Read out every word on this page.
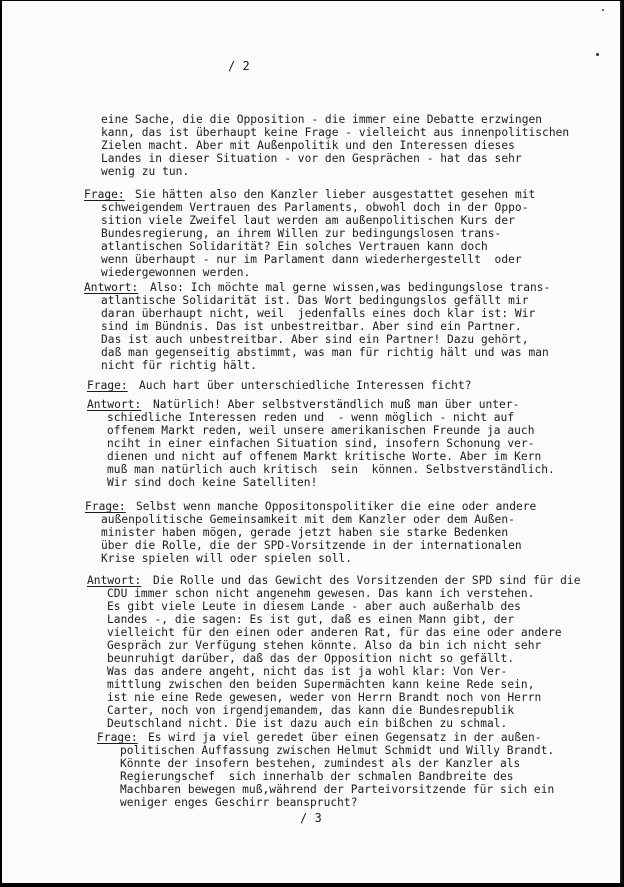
/ 2
eine Sache, die die Opposition - die immer eine Debatte erzwingen
kann, das ist überhaupt keine Frage - vielleicht aus innenpolitischen
Zielen macht. Aber mit Außenpolitik und den Interessen dieses
Landes in dieser Situation - vor den Gesprächen - hat das sehr
wenig zu tun.
Frage: Sie hätten also den Kanzler lieber ausgestattet gesehen mit
schweigendem Vertrauen des Parlaments, obwohl doch in der Oppo-
sition viele Zweifel laut werden am außenpolitischen Kurs der
Bundesregierung, an ihrem Willen zur bedingungslosen trans-
atlantischen Solidarität? Ein solches Vertrauen kann doch
wenn überhaupt - nur im Parlament dann wiederhergestellt  oder
wiedergewonnen werden.
Antwort: Also: Ich möchte mal gerne wissen,was bedingungslose trans-
atlantische Solidarität ist. Das Wort bedingungslos gefällt mir
daran überhaupt nicht, weil  jedenfalls eines doch klar ist: Wir
sind im Bündnis. Das ist unbestreitbar. Aber sind ein Partner.
Das ist auch unbestreitbar. Aber sind ein Partner! Dazu gehört,
daß man gegenseitig abstimmt, was man für richtig hält und was man
nicht für richtig hält.
Frage: Auch hart über unterschiedliche Interessen ficht?
Antwort: Natürlich! Aber selbstverständlich muß man über unter-
schiedliche Interessen reden und  - wenn möglich - nicht auf
offenem Markt reden, weil unsere amerikanischen Freunde ja auch
nciht in einer einfachen Situation sind, insofern Schonung ver-
dienen und nicht auf offenem Markt kritische Worte. Aber im Kern
muß man natürlich auch kritisch  sein  können. Selbstverständlich.
Wir sind doch keine Satelliten!
Frage: Selbst wenn manche Oppositonspolitiker die eine oder andere
außenpolitische Gemeinsamkeit mit dem Kanzler oder dem Außen-
minister haben mögen, gerade jetzt haben sie starke Bedenken
über die Rolle, die der SPD-Vorsitzende in der internationalen
Krise spielen will oder spielen soll.
Antwort: Die Rolle und das Gewicht des Vorsitzenden der SPD sind für die
CDU immer schon nicht angenehm gewesen. Das kann ich verstehen.
Es gibt viele Leute in diesem Lande - aber auch außerhalb des
Landes -, die sagen: Es ist gut, daß es einen Mann gibt, der
vielleicht für den einen oder anderen Rat, für das eine oder andere
Gespräch zur Verfügung stehen könnte. Also da bin ich nicht sehr
beunruhigt darüber, daß das der Opposition nicht so gefällt.
Was das andere angeht, nicht das ist ja wohl klar: Von Ver-
mittlung zwischen den beiden Supermächten kann keine Rede sein,
ist nie eine Rede gewesen, weder von Herrn Brandt noch von Herrn
Carter, noch von irgendjemandem, das kann die Bundesrepublik
Deutschland nicht. Die ist dazu auch ein bißchen zu schmal.
Frage: Es wird ja viel geredet über einen Gegensatz in der außen-
politischen Auffassung zwischen Helmut Schmidt und Willy Brandt.
Könnte der insofern bestehen, zumindest als der Kanzler als
Regierungschef  sich innerhalb der schmalen Bandbreite des
Machbaren bewegen muß,während der Parteivorsitzende für sich ein
weniger enges Geschirr beansprucht?
/ 3
